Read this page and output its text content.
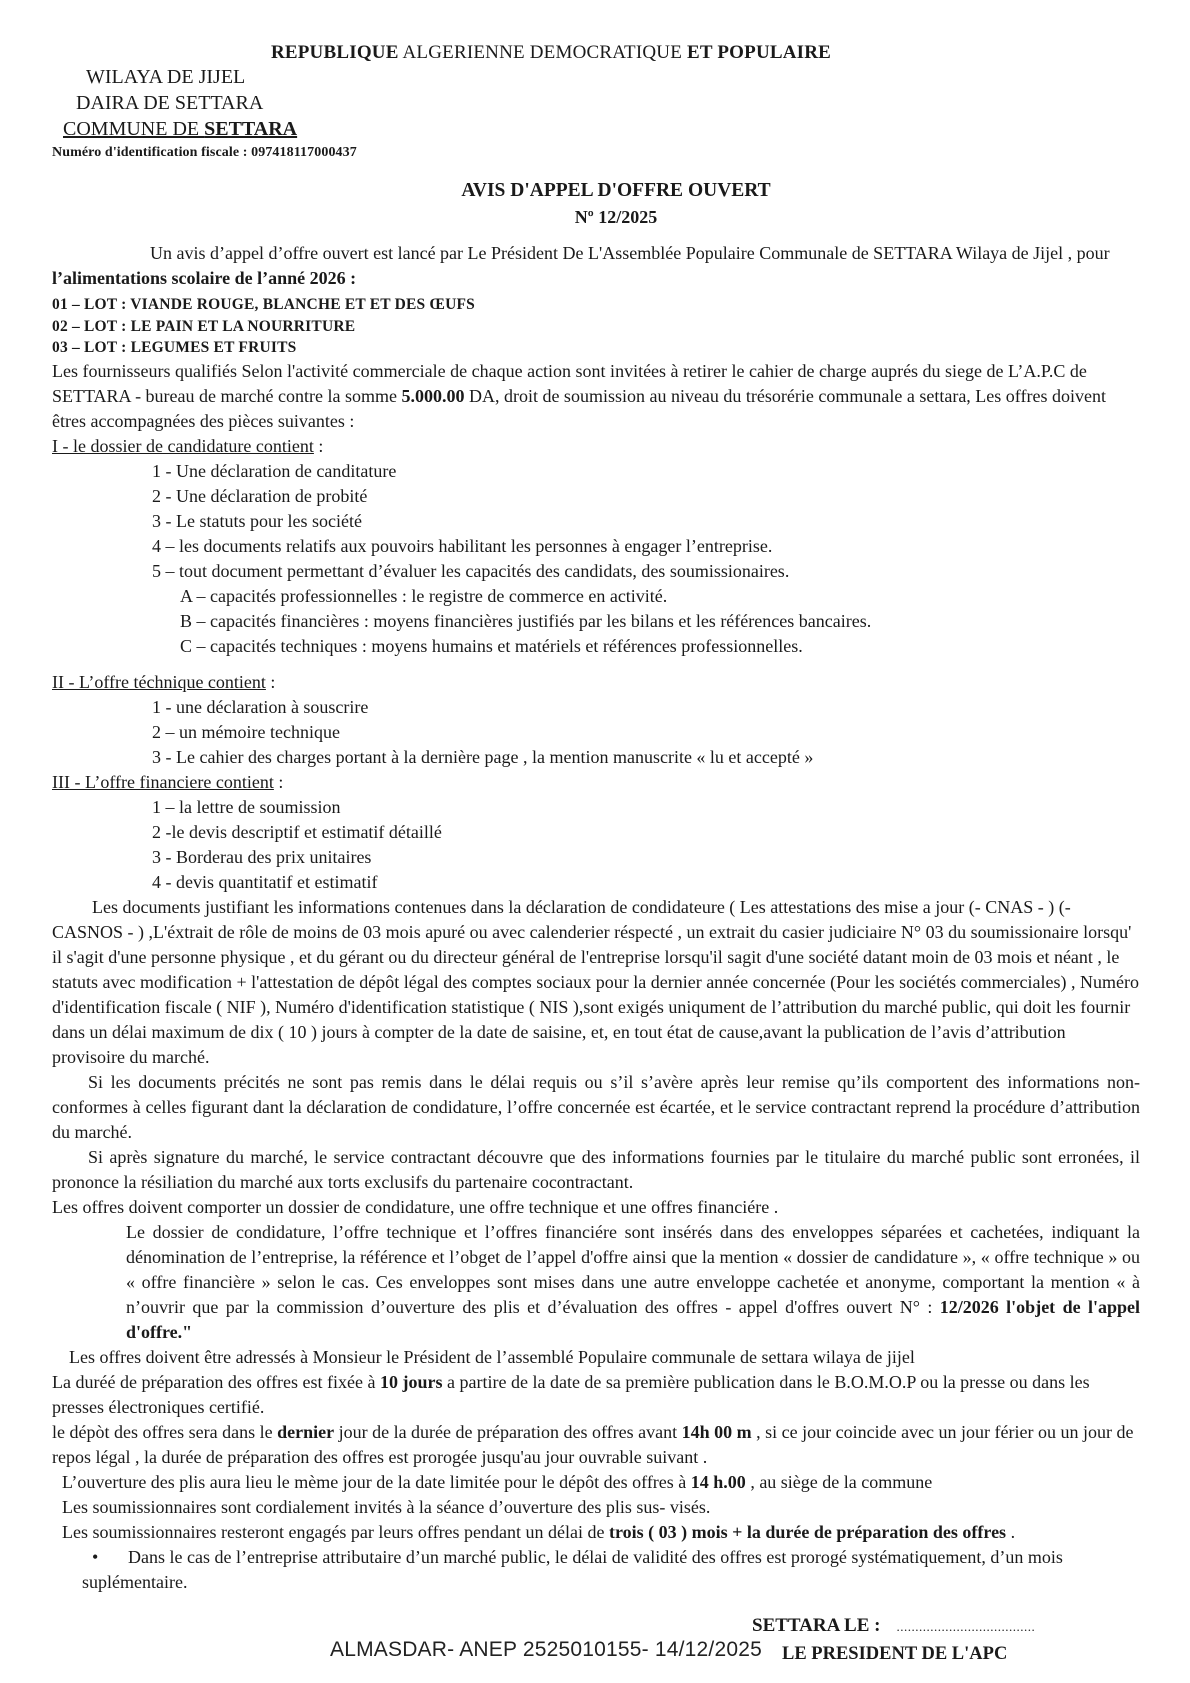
REPUBLIQUE ALGERIENNE DEMOCRATIQUE ET POPULAIRE
WILAYA DE JIJEL
DAIRA DE SETTARA
COMMUNE DE SETTARA
Numéro d'identification fiscale : 097418117000437
AVIS D'APPEL D'OFFRE OUVERT
Nº 12/2025

Un avis d’appel d’offre ouvert est lancé par Le Président De L'Assemblée Populaire Communale de SETTARA Wilaya de Jijel , pour l’alimentations scolaire de l’anné 2026 :

01 – LOT : VIANDE ROUGE, BLANCHE ET ET DES ŒUFS
02 – LOT : LE PAIN ET LA NOURRITURE
03 – LOT : LEGUMES ET FRUITS

Les fournisseurs qualifiés Selon l'activité commerciale de chaque action sont invitées à retirer le cahier de charge auprés du siege de L’A.P.C de SETTARA - bureau de marché contre la somme 5.000.00 DA, droit de soumission au niveau du trésorérie communale a settara, Les offres doivent êtres accompagnées des pièces suivantes :

I - le dossier de candidature contient :
1 - Une déclaration de canditature
2 - Une déclaration de probité
3 - Le statuts pour les société
4 – les documents relatifs aux pouvoirs habilitant les personnes à engager l’entreprise.
5 – tout document permettant d’évaluer les capacités des candidats, des soumissionaires.
A – capacités professionnelles : le registre de commerce en activité.
B – capacités financières : moyens financières justifiés par les bilans et les références bancaires.
C – capacités techniques : moyens humains et matériels et références professionnelles.
II - L’offre téchnique contient :
1 - une déclaration à souscrire
2 – un mémoire technique
3 - Le cahier des charges portant à la dernière page , la mention manuscrite « lu et accepté »
III - L’offre financiere contient :
1 – la lettre de soumission
2 -le devis descriptif et estimatif détaillé
3 - Borderau des prix unitaires
4 - devis quantitatif et estimatif

Les documents justifiant les informations contenues dans la déclaration de condidateure ( Les attestations des mise a jour (- CNAS - ) (-CASNOS - ) ,L'éxtrait de rôle de moins de 03 mois apuré ou avec calenderier réspecté , un extrait du casier judiciaire N° 03 du soumissionaire lorsqu' il s'agit d'une personne physique , et du gérant ou du directeur général de l'entreprise lorsqu'il sagit d'une société datant moin de 03 mois et néant , le statuts avec modification + l'attestation de dépôt légal des comptes sociaux pour la dernier année concernée (Pour les sociétés commerciales) , Numéro d'identification fiscale ( NIF ), Numéro d'identification statistique ( NIS ),sont exigés uniqument de l’attribution du marché public, qui doit les fournir dans un délai maximum de dix ( 10 ) jours à compter de la date de saisine, et, en tout état de cause,avant la publication de l’avis d’attribution provisoire du marché.

Si les documents précités ne sont pas remis dans le délai requis ou s’il s’avère après leur remise qu’ils comportent des informations non-conformes à celles figurant dant la déclaration de condidature, l’offre concernée est écartée, et le service contractant reprend la procédure d’attribution du marché.

Si après signature du marché, le service contractant découvre que des informations fournies par le titulaire du marché public sont erronées, il prononce la résiliation du marché aux torts exclusifs du partenaire cocontractant.

Les offres doivent comporter un dossier de condidature, une offre technique et une offres financiére .

Le dossier de condidature, l’offre technique et l’offres financiére sont insérés dans des enveloppes séparées et cachetées, indiquant la dénomination de l’entreprise, la référence et l’obget de l’appel d'offre ainsi que la mention « dossier de candidature », « offre technique » ou « offre financière » selon le cas. Ces enveloppes sont mises dans une autre enveloppe cachetée et anonyme, comportant la mention « à n’ouvrir que par la commission d’ouverture des plis et d’évaluation des offres - appel d'offres ouvert N° : 12/2026 l'objet de l'appel d'offre."

Les offres doivent être adressés à Monsieur le Président de l’assemblé Populaire communale de settara wilaya de jijel

La duréé de préparation des offres est fixée à 10 jours a partire de la date de sa première publication dans le B.O.M.O.P ou la presse ou dans les presses électroniques certifié.

le dépòt des offres sera dans le dernier jour de la durée de préparation des offres avant 14h 00 m , si ce jour coincide avec un jour férier ou un jour de repos légal , la durée de préparation des offres est prorogée jusqu'au jour ouvrable suivant .

L’ouverture des plis aura lieu le mème jour de la date limitée pour le dépôt des offres à 14 h.00 , au siège de la commune

Les soumissionnaires sont cordialement invités à la séance d’ouverture des plis sus- visés.

Les soumissionnaires resteront engagés par leurs offres pendant un délai de trois ( 03 ) mois + la durée de préparation des offres .

•Dans le cas de l’entreprise attributaire d’un marché public, le délai de validité des offres est prorogé systématiquement, d’un mois suplémentaire.

SETTARA LE : .....................................
LE PRESIDENT DE L'APC
ALMASDAR- ANEP 2525010155- 14/12/2025
